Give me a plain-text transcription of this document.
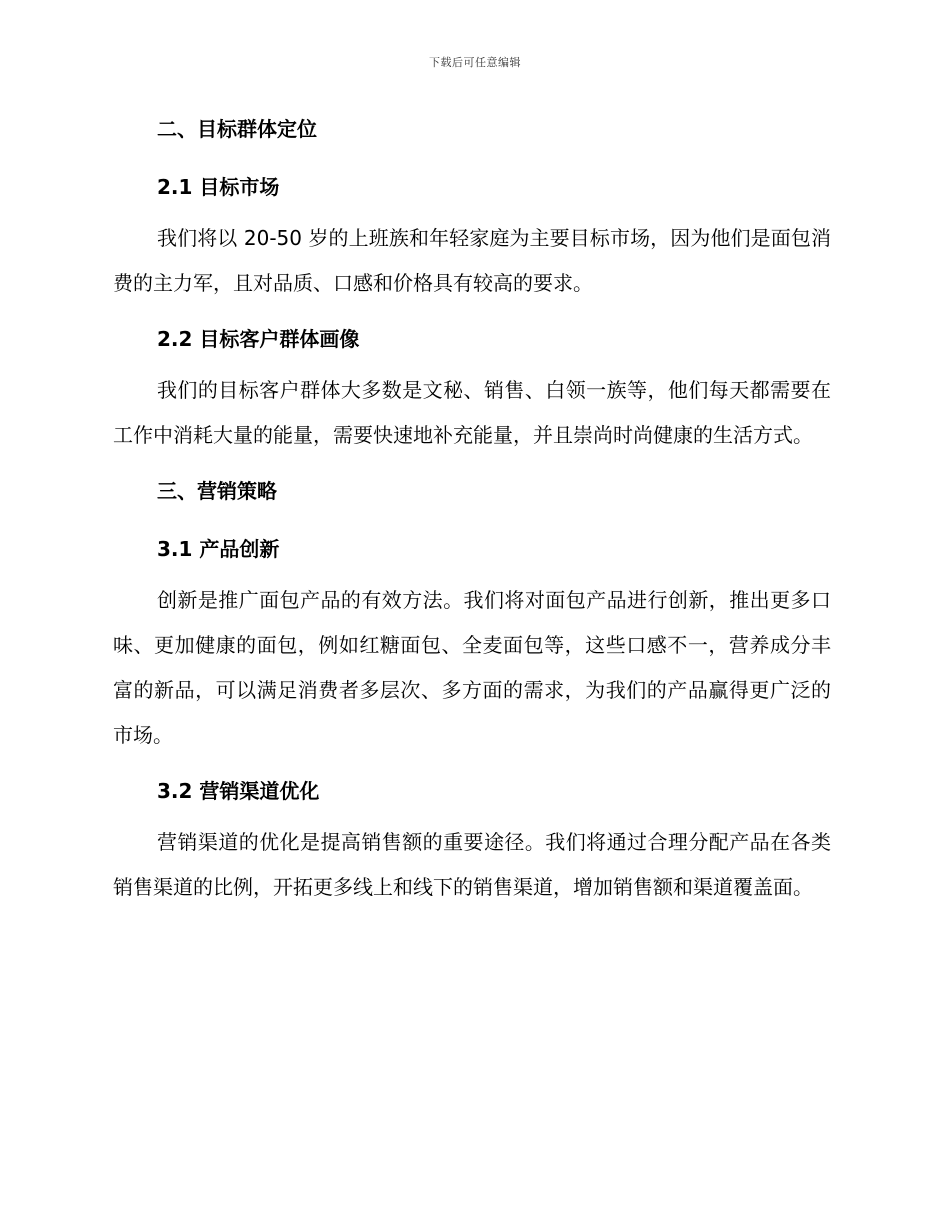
下载后可任意编辑
二、目标群体定位
2.1 目标市场

我们将以 20-50 岁的上班族和年轻家庭为主要目标市场，因为他们是面包消费的主力军，且对品质、口感和价格具有较高的要求。

2.2 目标客户群体画像

我们的目标客户群体大多数是文秘、销售、白领一族等，他们每天都需要在工作中消耗大量的能量，需要快速地补充能量，并且崇尚时尚健康的生活方式。

三、营销策略
3.1 产品创新

创新是推广面包产品的有效方法。我们将对面包产品进行创新，推出更多口味、更加健康的面包，例如红糖面包、全麦面包等，这些口感不一，营养成分丰富的新品，可以满足消费者多层次、多方面的需求，为我们的产品赢得更广泛的市场。

3.2 营销渠道优化

营销渠道的优化是提高销售额的重要途径。我们将通过合理分配产品在各类销售渠道的比例，开拓更多线上和线下的销售渠道，增加销售额和渠道覆盖面。
